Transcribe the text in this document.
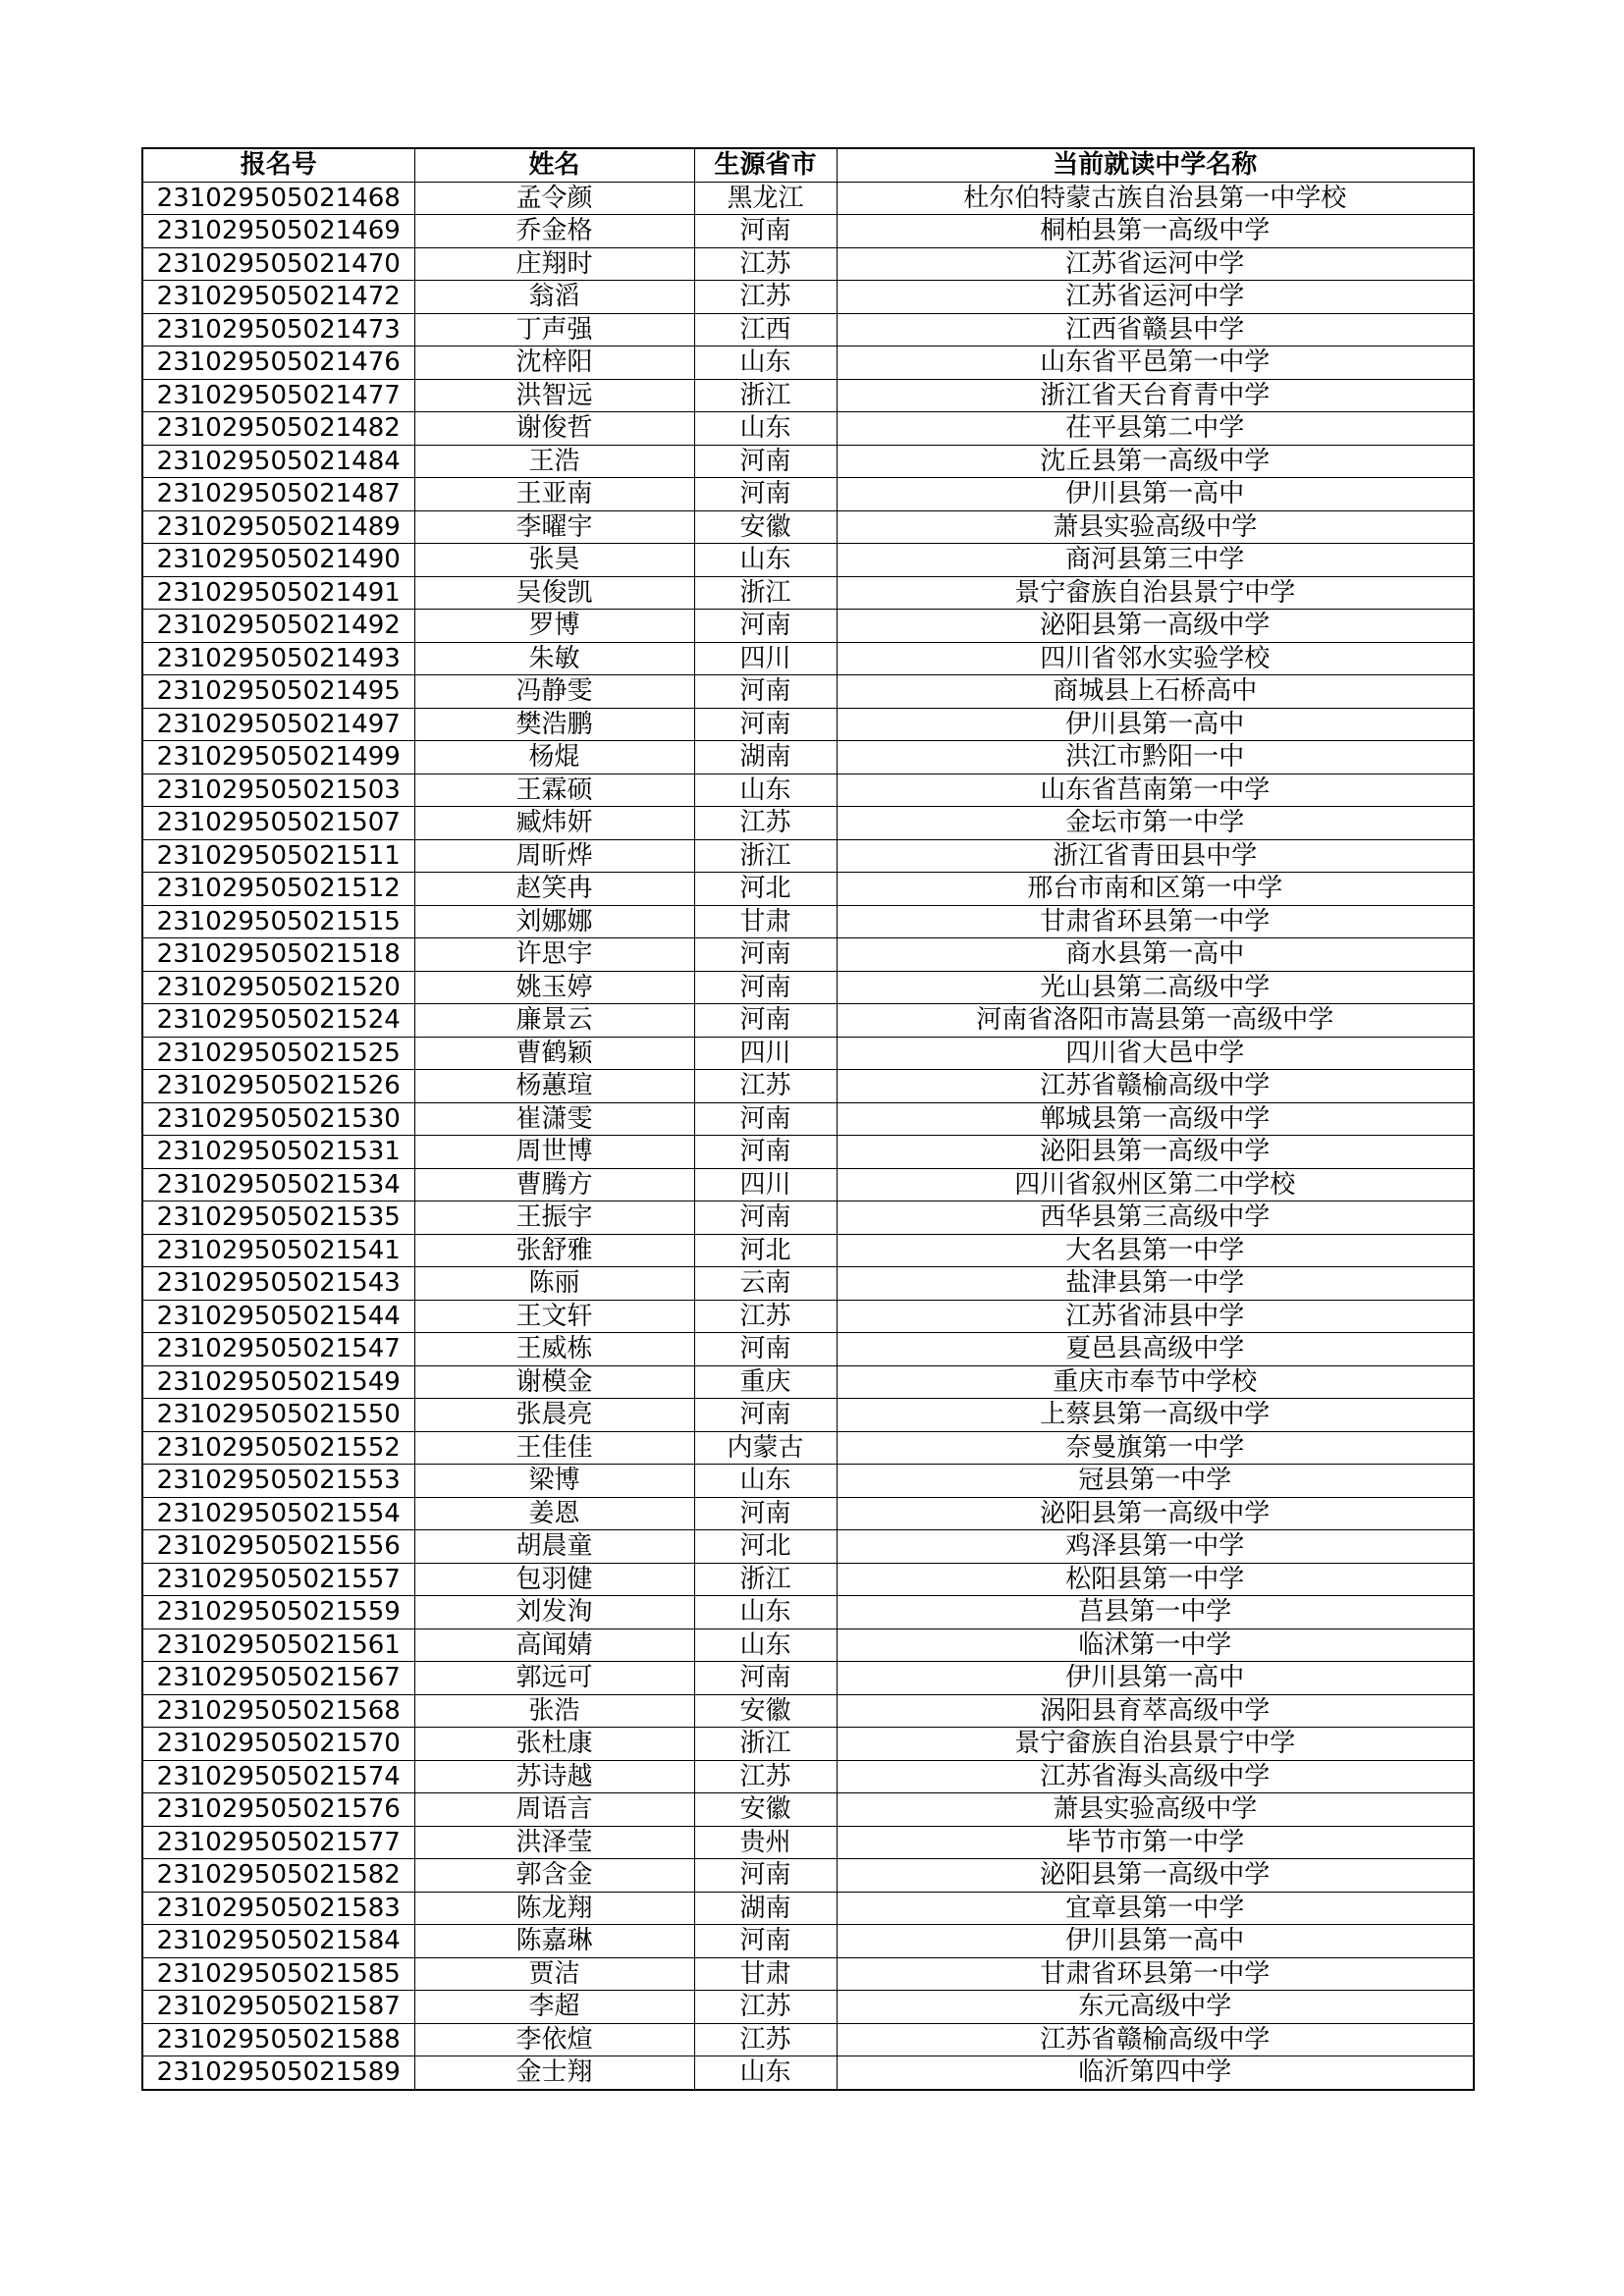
报名号	姓名	生源省市	当前就读中学名称
231029505021468	孟令颜	黑龙江	杜尔伯特蒙古族自治县第一中学校
231029505021469	乔金格	河南	桐柏县第一高级中学
231029505021470	庄翔时	江苏	江苏省运河中学
231029505021472	翁滔	江苏	江苏省运河中学
231029505021473	丁声强	江西	江西省赣县中学
231029505021476	沈梓阳	山东	山东省平邑第一中学
231029505021477	洪智远	浙江	浙江省天台育青中学
231029505021482	谢俊哲	山东	茌平县第二中学
231029505021484	王浩	河南	沈丘县第一高级中学
231029505021487	王亚南	河南	伊川县第一高中
231029505021489	李曜宇	安徽	萧县实验高级中学
231029505021490	张昊	山东	商河县第三中学
231029505021491	吴俊凯	浙江	景宁畲族自治县景宁中学
231029505021492	罗博	河南	泌阳县第一高级中学
231029505021493	朱敏	四川	四川省邻水实验学校
231029505021495	冯静雯	河南	商城县上石桥高中
231029505021497	樊浩鹏	河南	伊川县第一高中
231029505021499	杨焜	湖南	洪江市黔阳一中
231029505021503	王霖硕	山东	山东省莒南第一中学
231029505021507	臧炜妍	江苏	金坛市第一中学
231029505021511	周昕烨	浙江	浙江省青田县中学
231029505021512	赵笑冉	河北	邢台市南和区第一中学
231029505021515	刘娜娜	甘肃	甘肃省环县第一中学
231029505021518	许思宇	河南	商水县第一高中
231029505021520	姚玉婷	河南	光山县第二高级中学
231029505021524	廉景云	河南	河南省洛阳市嵩县第一高级中学
231029505021525	曹鹤颖	四川	四川省大邑中学
231029505021526	杨蕙瑄	江苏	江苏省赣榆高级中学
231029505021530	崔潇雯	河南	郸城县第一高级中学
231029505021531	周世博	河南	泌阳县第一高级中学
231029505021534	曹腾方	四川	四川省叙州区第二中学校
231029505021535	王振宇	河南	西华县第三高级中学
231029505021541	张舒雅	河北	大名县第一中学
231029505021543	陈丽	云南	盐津县第一中学
231029505021544	王文轩	江苏	江苏省沛县中学
231029505021547	王威栋	河南	夏邑县高级中学
231029505021549	谢模金	重庆	重庆市奉节中学校
231029505021550	张晨亮	河南	上蔡县第一高级中学
231029505021552	王佳佳	内蒙古	奈曼旗第一中学
231029505021553	梁博	山东	冠县第一中学
231029505021554	姜恩	河南	泌阳县第一高级中学
231029505021556	胡晨童	河北	鸡泽县第一中学
231029505021557	包羽健	浙江	松阳县第一中学
231029505021559	刘发洵	山东	莒县第一中学
231029505021561	高闻婧	山东	临沭第一中学
231029505021567	郭远可	河南	伊川县第一高中
231029505021568	张浩	安徽	涡阳县育萃高级中学
231029505021570	张杜康	浙江	景宁畲族自治县景宁中学
231029505021574	苏诗越	江苏	江苏省海头高级中学
231029505021576	周语言	安徽	萧县实验高级中学
231029505021577	洪泽莹	贵州	毕节市第一中学
231029505021582	郭含金	河南	泌阳县第一高级中学
231029505021583	陈龙翔	湖南	宜章县第一中学
231029505021584	陈嘉琳	河南	伊川县第一高中
231029505021585	贾洁	甘肃	甘肃省环县第一中学
231029505021587	李超	江苏	东元高级中学
231029505021588	李依煊	江苏	江苏省赣榆高级中学
231029505021589	金士翔	山东	临沂第四中学
